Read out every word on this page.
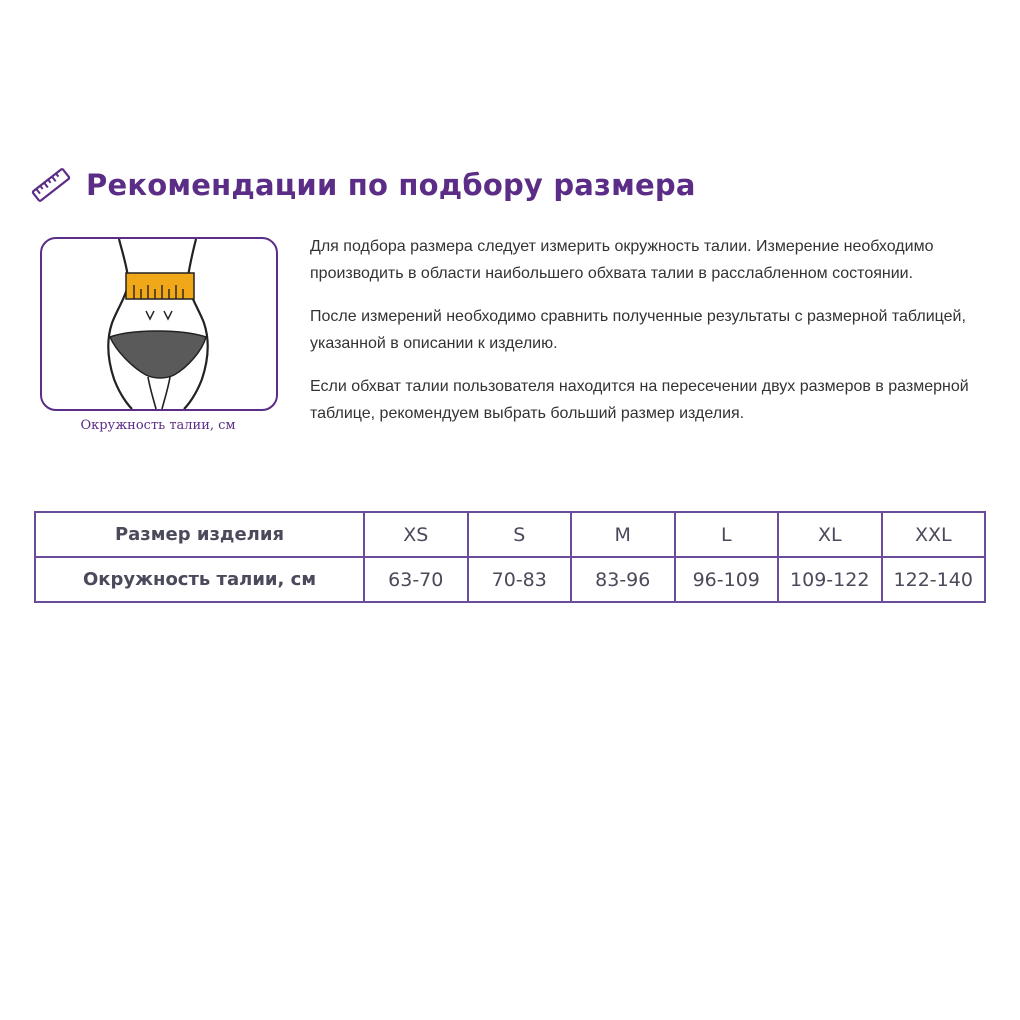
Рекомендации по подбору размера
Окружность талии, см

Для подбора размера следует измерить окружность талии. Измерение необходимо производить в области наибольшего обхвата талии в расслабленном состоянии.

После измерений необходимо сравнить полученные результаты с размерной таблицей, указанной в описании к изделию.

Если обхват талии пользователя находится на пересечении двух размеров в размерной таблице, рекомендуем выбрать больший размер изделия.

Размер изделия	XS	S	M	L	XL	XXL
Окружность талии, см	63-70	70-83	83-96	96-109	109-122	122-140
